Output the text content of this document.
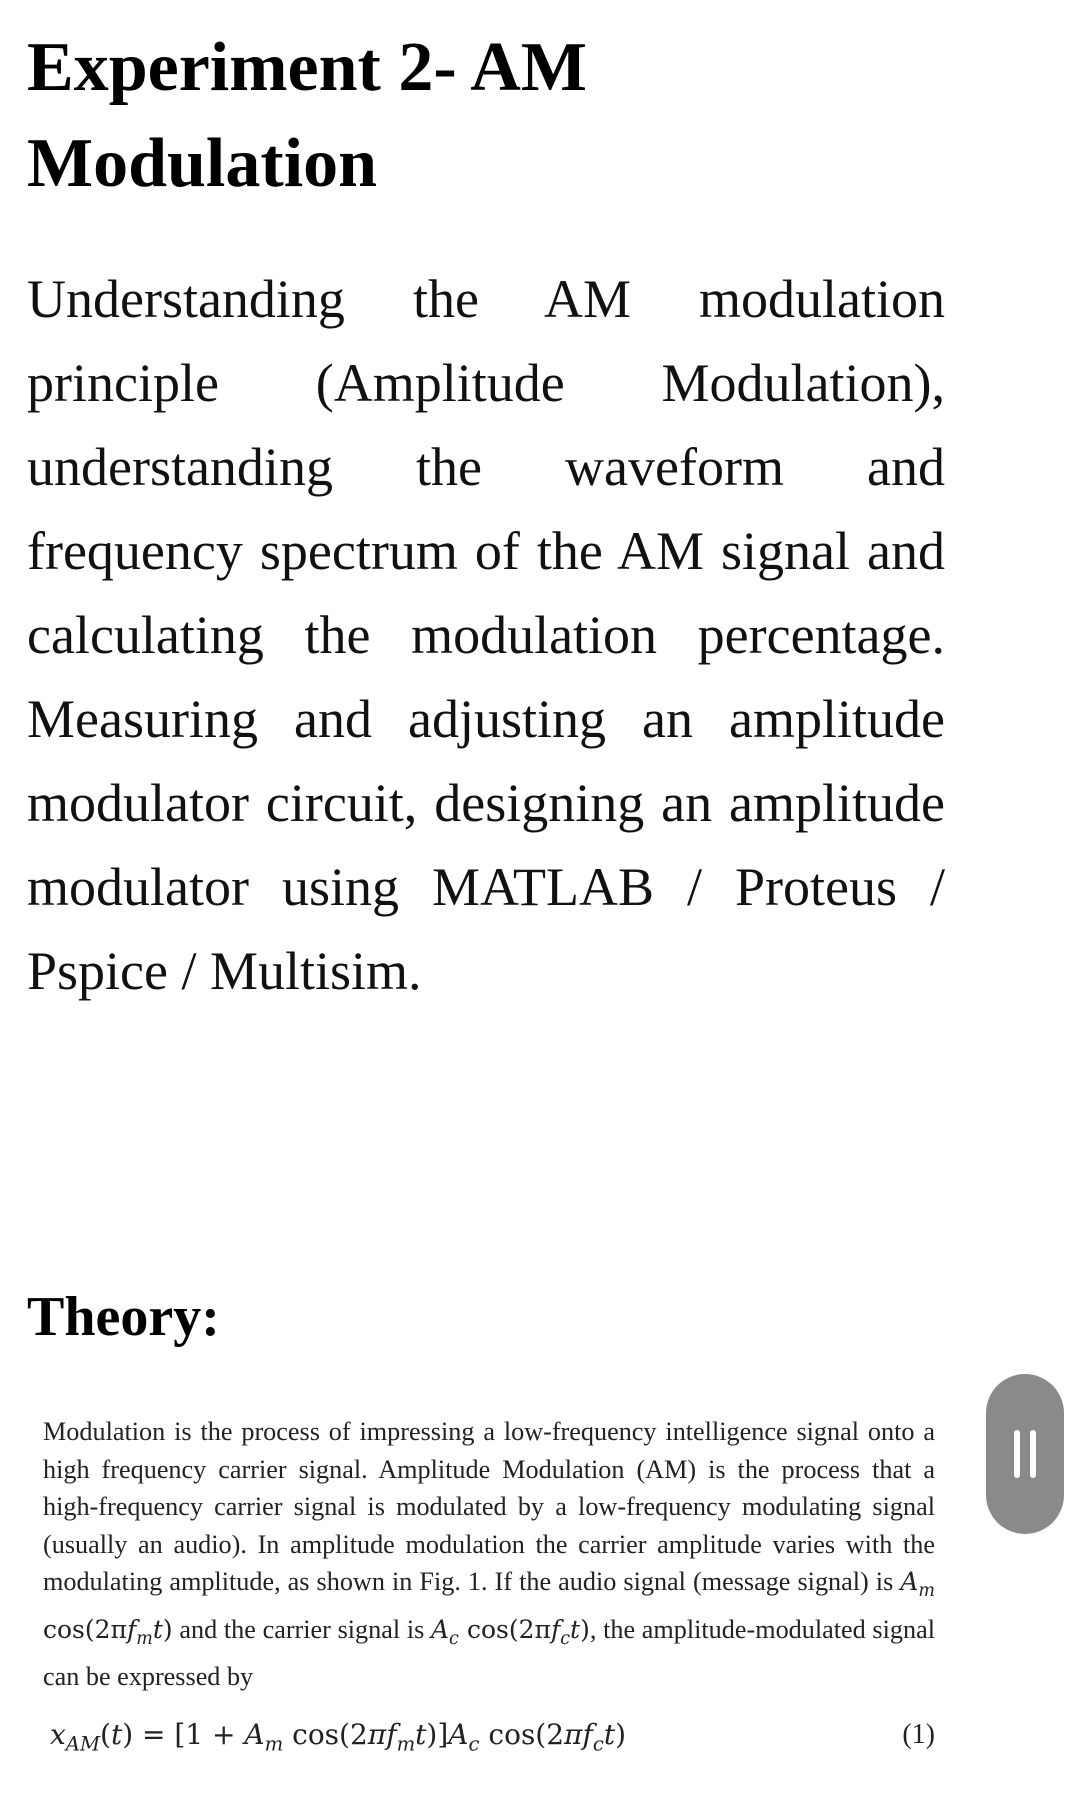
Experiment 2- AM Modulation

Understanding the AM modulation principle (Amplitude Modulation), understanding the waveform and frequency spectrum of the AM signal and calculating the modulation percentage. Measuring and adjusting an amplitude modulator circuit, designing an amplitude modulator using MATLAB / Proteus / Pspice / Multisim.

Theory:

Modulation is the process of impressing a low-frequency intelligence signal onto a high frequency carrier signal. Amplitude Modulation (AM) is the process that a high-frequency carrier signal is modulated by a low-frequency modulating signal (usually an audio). In amplitude modulation the carrier amplitude varies with the modulating amplitude, as shown in Fig. 1. If the audio signal (message signal) is $A_m$ $\cos(2\pi f_mt)$ and the carrier signal is $A_c$ $\cos(2\pi f_ct)$, the amplitude-modulated signal can be expressed by

$x_{AM}(t) = [1 + A_m$ $\cos(2\pi f_mt)]A_c$ $\cos(2\pi f_ct)$	(1)
